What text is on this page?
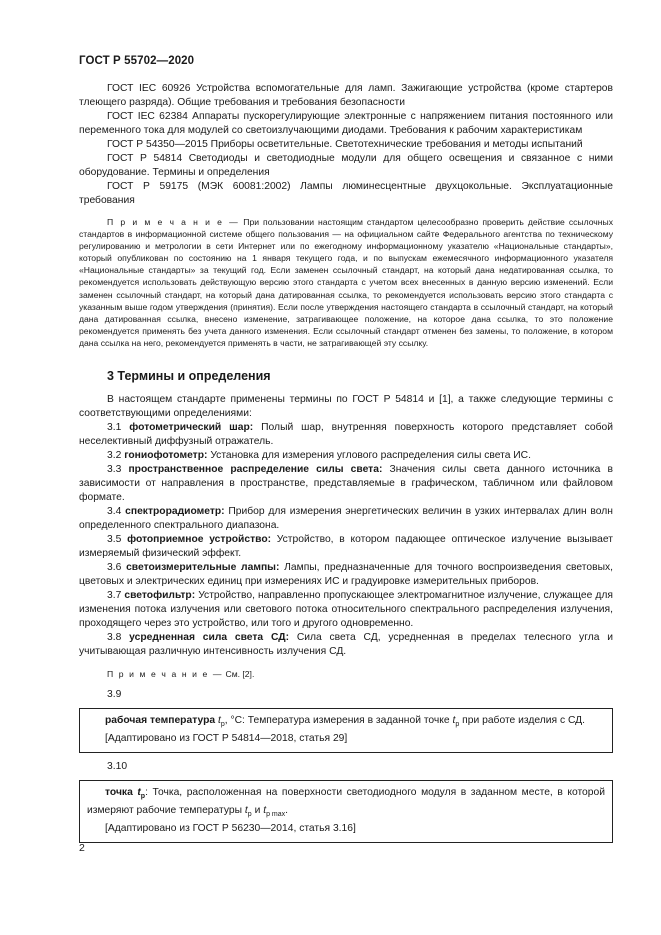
ГОСТ Р 55702—2020

ГОСТ IEC 60926 Устройства вспомогательные для ламп. Зажигающие устройства (кроме стартеров тлеющего разряда). Общие требования и требования безопасности

ГОСТ IEC 62384 Аппараты пускорегулирующие электронные с напряжением питания постоянного или переменного тока для модулей со светоизлучающими диодами. Требования к рабочим характеристикам

ГОСТ Р 54350—2015 Приборы осветительные. Светотехнические требования и методы испытаний

ГОСТ Р 54814 Светодиоды и светодиодные модули для общего освещения и связанное с ними оборудование. Термины и определения

ГОСТ Р 59175 (МЭК 60081:2002) Лампы люминесцентные двухцокольные. Эксплуатационные требования

П р и м е ч а н и е — При пользовании настоящим стандартом целесообразно проверить действие ссылочных стандартов в информационной системе общего пользования — на официальном сайте Федерального агентства по техническому регулированию и метрологии в сети Интернет или по ежегодному информационному указателю «Национальные стандарты», который опубликован по состоянию на 1 января текущего года, и по выпускам ежемесячного информационного указателя «Национальные стандарты» за текущий год. Если заменен ссылочный стандарт, на который дана недатированная ссылка, то рекомендуется использовать действующую версию этого стандарта с учетом всех внесенных в данную версию изменений. Если заменен ссылочный стандарт, на который дана датированная ссылка, то рекомендуется использовать версию этого стандарта с указанным выше годом утверждения (принятия). Если после утверждения настоящего стандарта в ссылочный стандарт, на который дана датированная ссылка, внесено изменение, затрагивающее положение, на которое дана ссылка, то это положение рекомендуется применять без учета данного изменения. Если ссылочный стандарт отменен без замены, то положение, в котором дана ссылка на него, рекомендуется применять в части, не затрагивающей эту ссылку.

3 Термины и определения

В настоящем стандарте применены термины по ГОСТ Р 54814 и [1], а также следующие термины с соответствующими определениями:

3.1 фотометрический шар: Полый шар, внутренняя поверхность которого представляет собой неселективный диффузный отражатель.

3.2 гониофотометр: Установка для измерения углового распределения силы света ИС.

3.3 пространственное распределение силы света: Значения силы света данного источника в зависимости от направления в пространстве, представляемые в графическом, табличном или файловом формате.

3.4 спектрорадиометр: Прибор для измерения энергетических величин в узких интервалах длин волн определенного спектрального диапазона.

3.5 фотоприемное устройство: Устройство, в котором падающее оптическое излучение вызывает измеряемый физический эффект.

3.6 светоизмерительные лампы: Лампы, предназначенные для точного воспроизведения световых, цветовых и электрических единиц при измерениях ИС и градуировке измерительных приборов.

3.7 светофильтр: Устройство, направленно пропускающее электромагнитное излучение, служащее для изменения потока излучения или светового потока относительного спектрального распределения излучения, проходящего через это устройство, или того и другого одновременно.

3.8 усредненная сила света СД: Сила света СД, усредненная в пределах телесного угла и учитывающая различную интенсивность излучения СД.

П р и м е ч а н и е — См. [2].

3.9

рабочая температура $t_p$, °С: Температура измерения в заданной точке $t_p$ при работе изделия с СД.

[Адаптировано из ГОСТ Р 54814—2018, статья 29]

3.10

точка $t_p$: Точка, расположенная на поверхности светодиодного модуля в заданном месте, в которой измеряют рабочие температуры $t_p$ и $t_{p max}$.

[Адаптировано из ГОСТ Р 56230—2014, статья 3.16]

2
